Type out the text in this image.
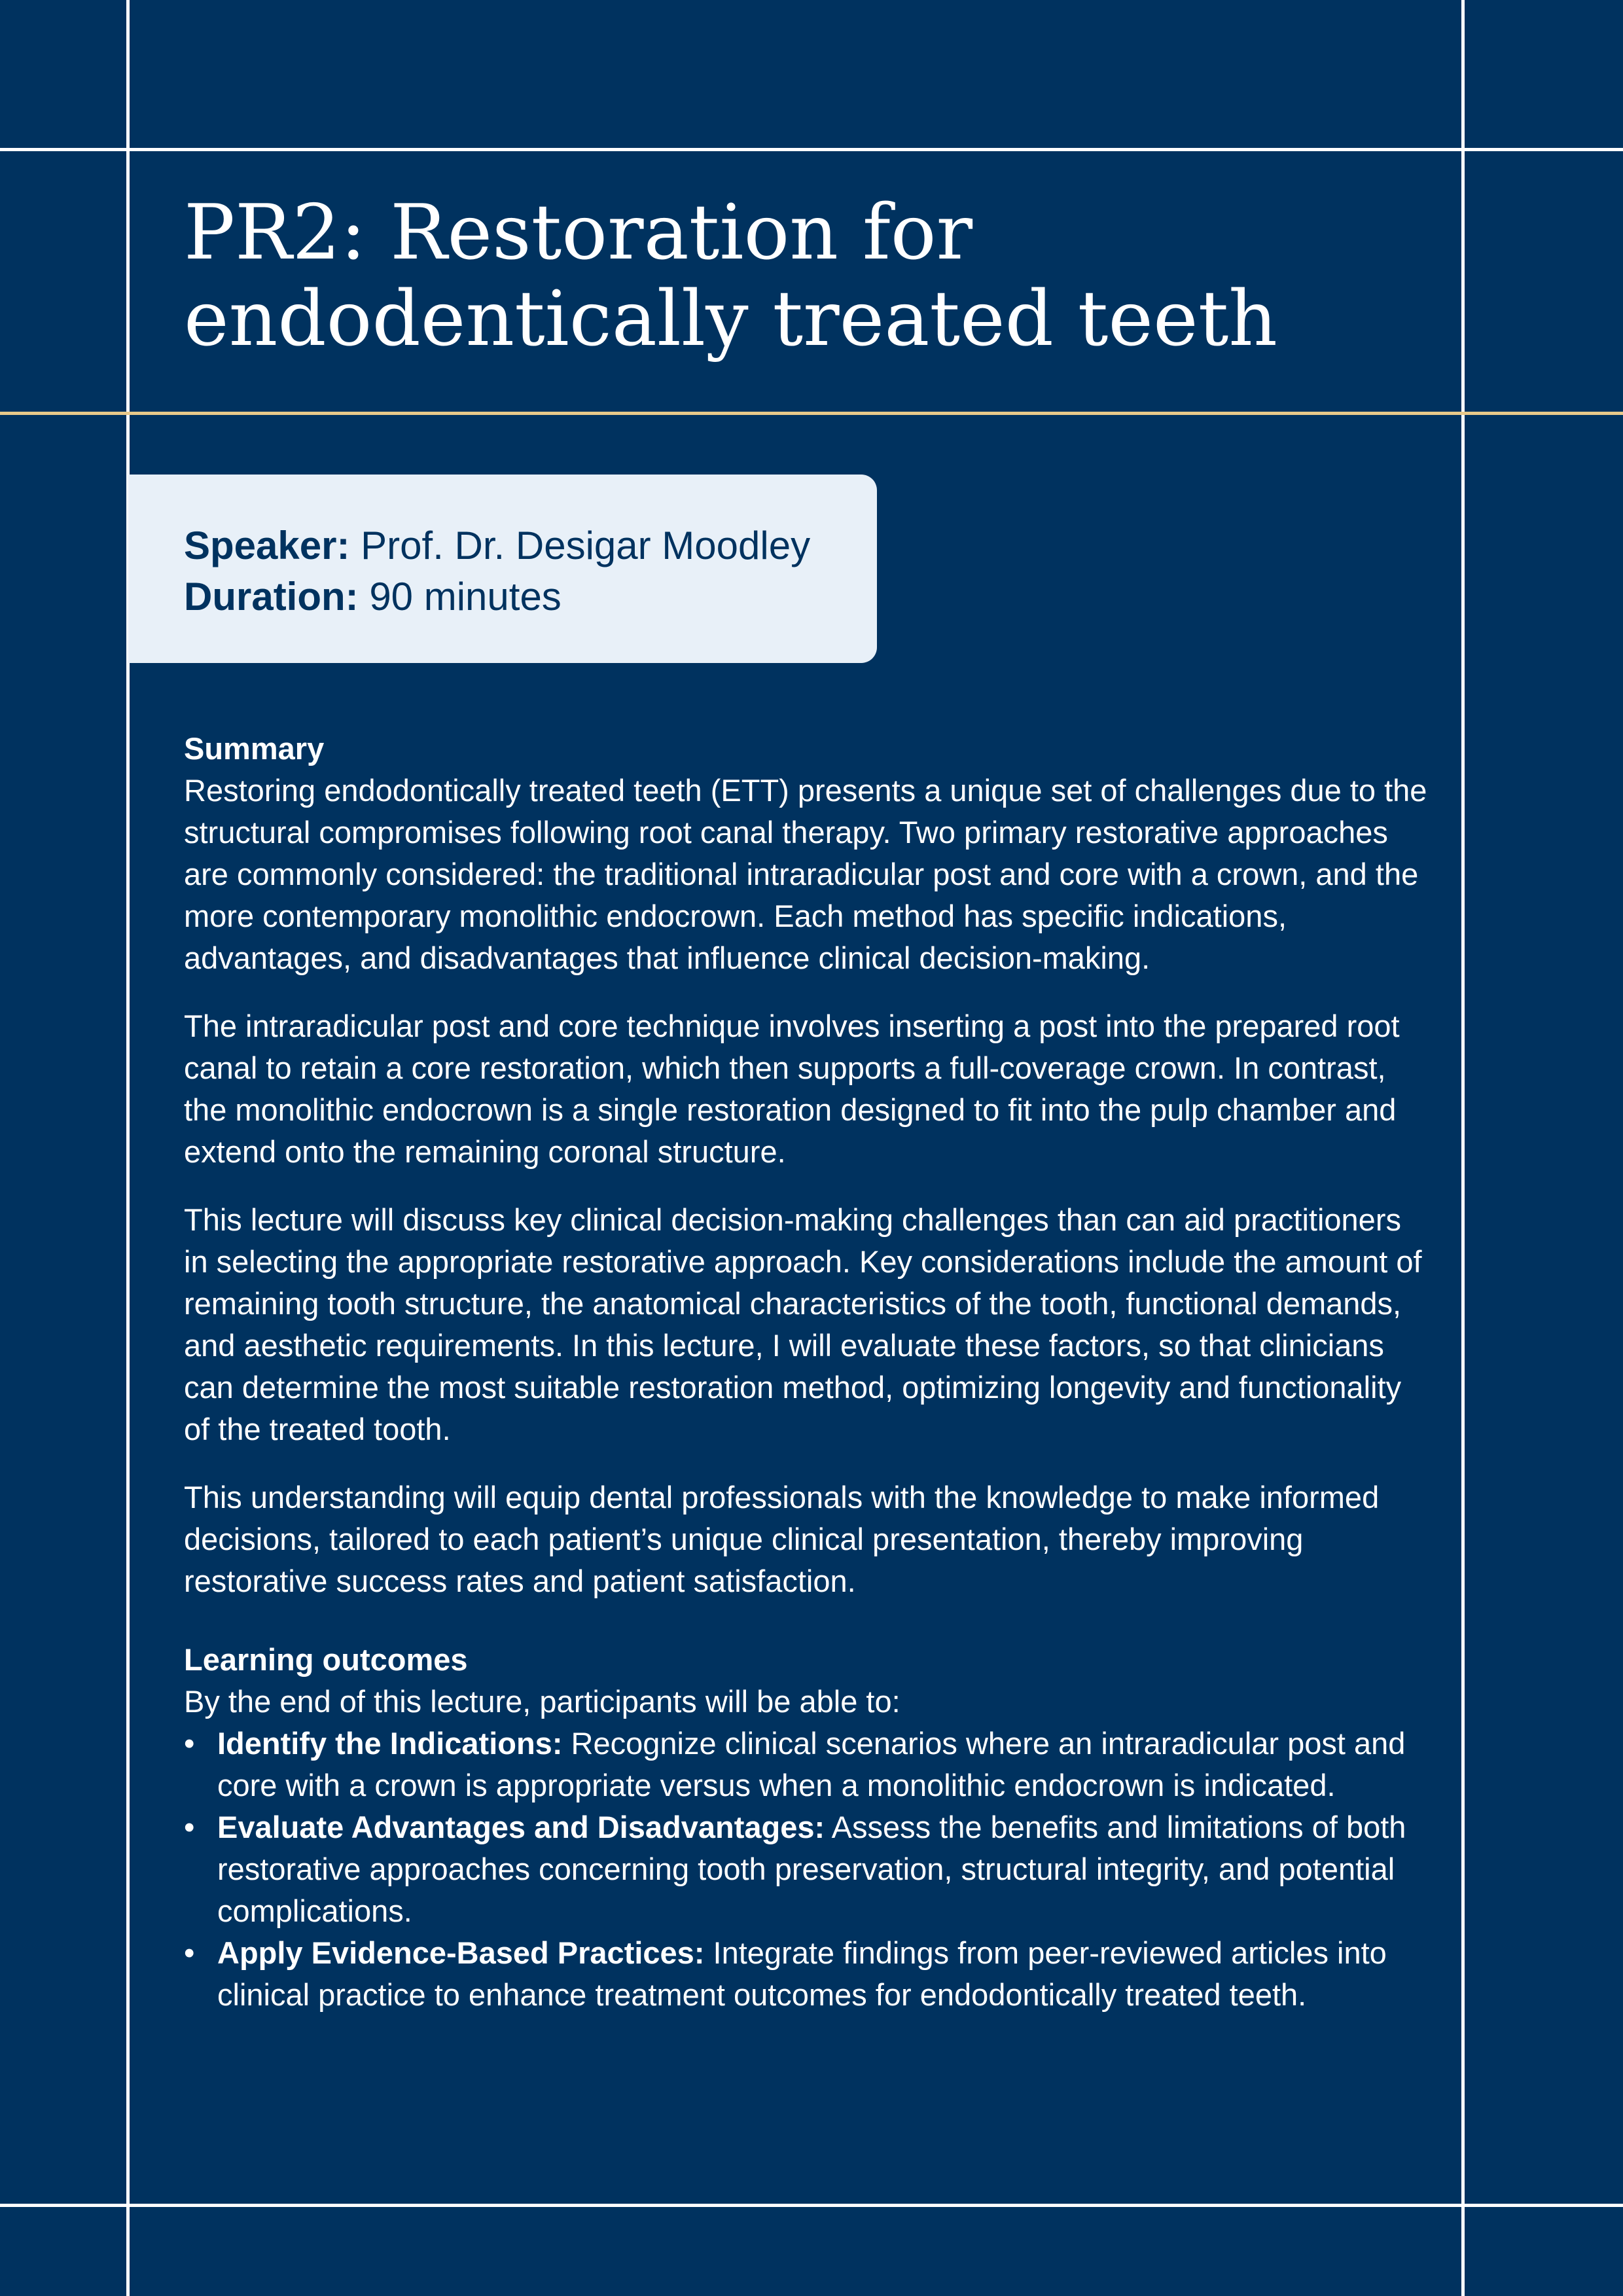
PR2: Restoration for endodentically treated teeth
Speaker: Prof. Dr. Desigar Moodley
Duration: 90 minutes

Summary

Restoring endodontically treated teeth (ETT) presents a unique set of challenges due to the structural compromises following root canal therapy. Two primary restorative approaches are commonly considered: the traditional intraradicular post and core with a crown, and the more contemporary monolithic endocrown. Each method has specific indications, advantages, and disadvantages that influence clinical decision-making.

The intraradicular post and core technique involves inserting a post into the prepared root canal to retain a core restoration, which then supports a full-coverage crown. In contrast, the monolithic endocrown is a single restoration designed to fit into the pulp chamber and extend onto the remaining coronal structure.

This lecture will discuss key clinical decision-making challenges than can aid practitioners in selecting the appropriate restorative approach. Key considerations include the amount of remaining tooth structure, the anatomical characteristics of the tooth, functional demands, and aesthetic requirements. In this lecture, I will evaluate these factors, so that clinicians can determine the most suitable restoration method, optimizing longevity and functionality of the treated tooth.

This understanding will equip dental professionals with the knowledge to make informed decisions, tailored to each patient’s unique clinical presentation, thereby improving restorative success rates and patient satisfaction.

Learning outcomes

By the end of this lecture, participants will be able to:

• Identify the Indications: Recognize clinical scenarios where an intraradicular post and core with a crown is appropriate versus when a monolithic endocrown is indicated.
• Evaluate Advantages and Disadvantages: Assess the benefits and limitations of both restorative approaches concerning tooth preservation, structural integrity, and potential complications.
• Apply Evidence-Based Practices: Integrate findings from peer-reviewed articles into clinical practice to enhance treatment outcomes for endodontically treated teeth.
